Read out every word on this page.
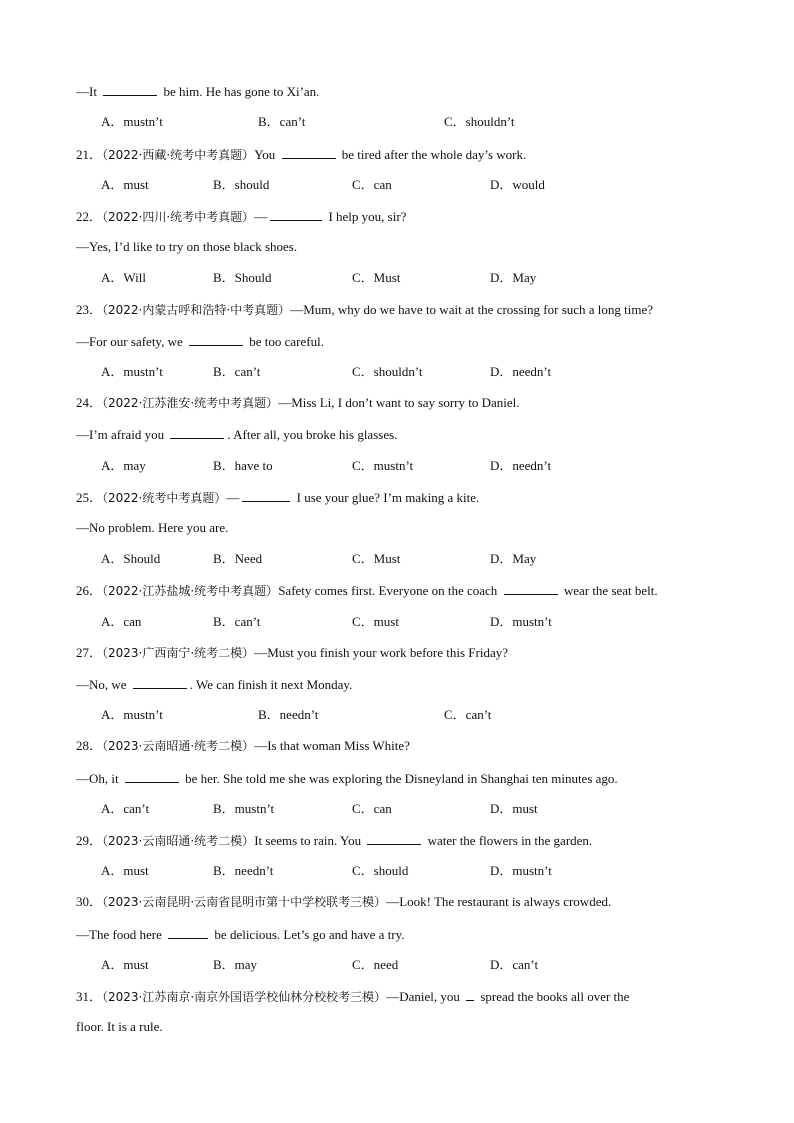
—It	be him. He has gone to Xi’an.
A．mustn’t	B．can’t	C．shouldn’t
21．（2022·西藏·统考中考真题）You	be tired after the whole day’s work.
A．must	B．should	C．can	D．would
22．（2022·四川·统考中考真题）—	I help you, sir?
—Yes, I’d like to try on those black shoes.
A．Will	B．Should	C．Must	D．May
23．（2022·内蒙古呼和浩特·中考真题）—Mum, why do we have to wait at the crossing for such a long time?
—For our safety, we	be too careful.
A．mustn’t	B．can’t	C．shouldn’t	D．needn’t
24．（2022·江苏淮安·统考中考真题）—Miss Li, I don’t want to say sorry to Daniel.
—I’m afraid you	. After all, you broke his glasses.
A．may	B．have to	C．mustn’t	D．needn’t
25．（2022·统考中考真题）—	I use your glue? I’m making a kite.
—No problem. Here you are.
A．Should	B．Need	C．Must	D．May
26．（2022·江苏盐城·统考中考真题）Safety comes first. Everyone on the coach	wear the seat belt.
A．can	B．can’t	C．must	D．mustn’t
27．（2023·广西南宁·统考二模）—Must you finish your work before this Friday?
—No, we	. We can finish it next Monday.
A．mustn’t	B．needn’t	C．can’t
28．（2023·云南昭通·统考二模）—Is that woman Miss White?
—Oh, it	be her. She told me she was exploring the Disneyland in Shanghai ten minutes ago.
A．can’t	B．mustn’t	C．can	D．must
29．（2023·云南昭通·统考二模）It seems to rain. You	water the flowers in the garden.
A．must	B．needn’t	C．should	D．mustn’t
30．（2023·云南昆明·云南省昆明市第十中学校联考三模）—Look! The restaurant is always crowded.
—The food here	be delicious. Let’s go and have a try.
A．must	B．may	C．need	D．can’t
31．（2023·江苏南京·南京外国语学校仙林分校校考三模）—Daniel, you spread the books all over the
floor. It is a rule.
